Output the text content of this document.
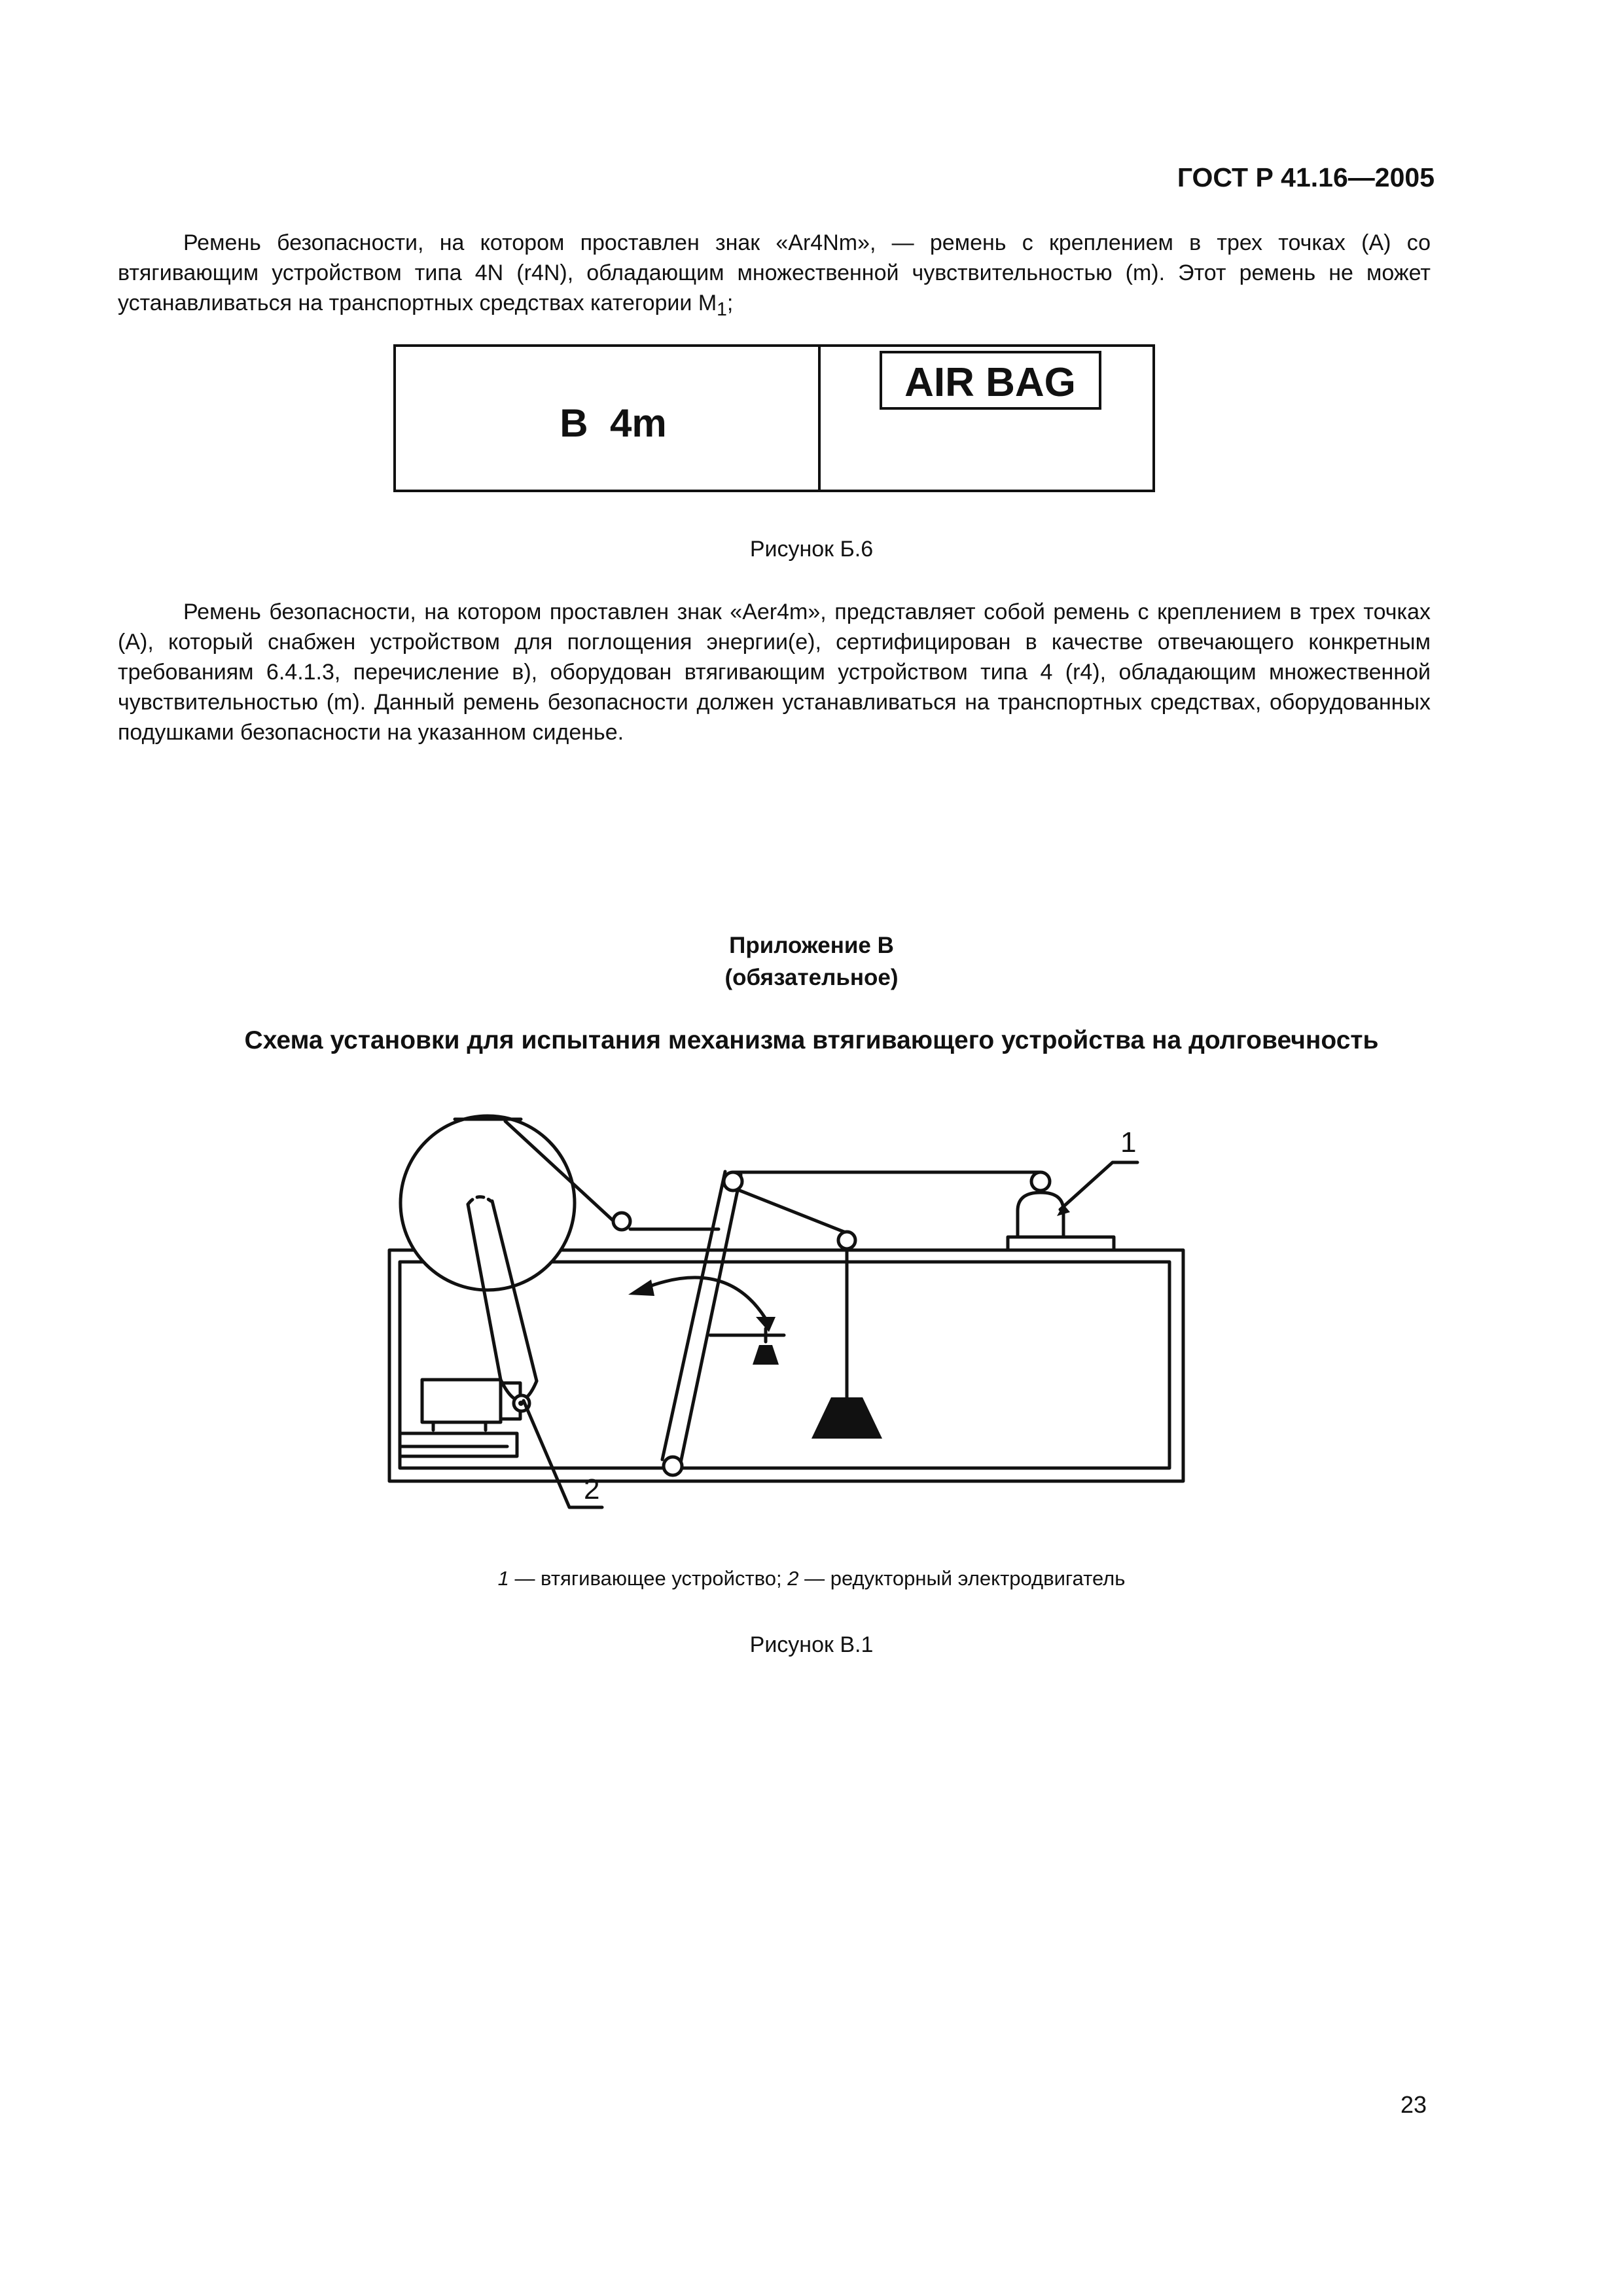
ГОСТ Р 41.16—2005

Ремень безопасности, на котором проставлен знак «Ar4Nm», — ремень с креплением в трех точках (А) со втягивающим устройством типа 4N (r4N), обладающим множественной чувствительностью (m). Этот ремень не может устанавливаться на транспортных средствах категории $M_1$;

B  4m
AIR BAG
Рисунок Б.6

Ремень безопасности, на котором проставлен знак «Aer4m», представляет собой ремень с креплением в трех точках (А), который снабжен устройством для поглощения энергии(е), сертифицирован в качестве отвечающего конкретным требованиям 6.4.1.3, перечисление в), оборудован втягивающим устройством типа 4 (r4), обладающим множественной чувствительностью (m). Данный ремень безопасности должен устанавливаться на транспортных средствах, оборудованных подушками безопасности на указанном сиденье.

Приложение В
(обязательное)
Схема установки для испытания механизма втягивающего устройства на долговечность
1
2
1 — втягивающее устройство; 2 — редукторный электродвигатель
Рисунок В.1
23
